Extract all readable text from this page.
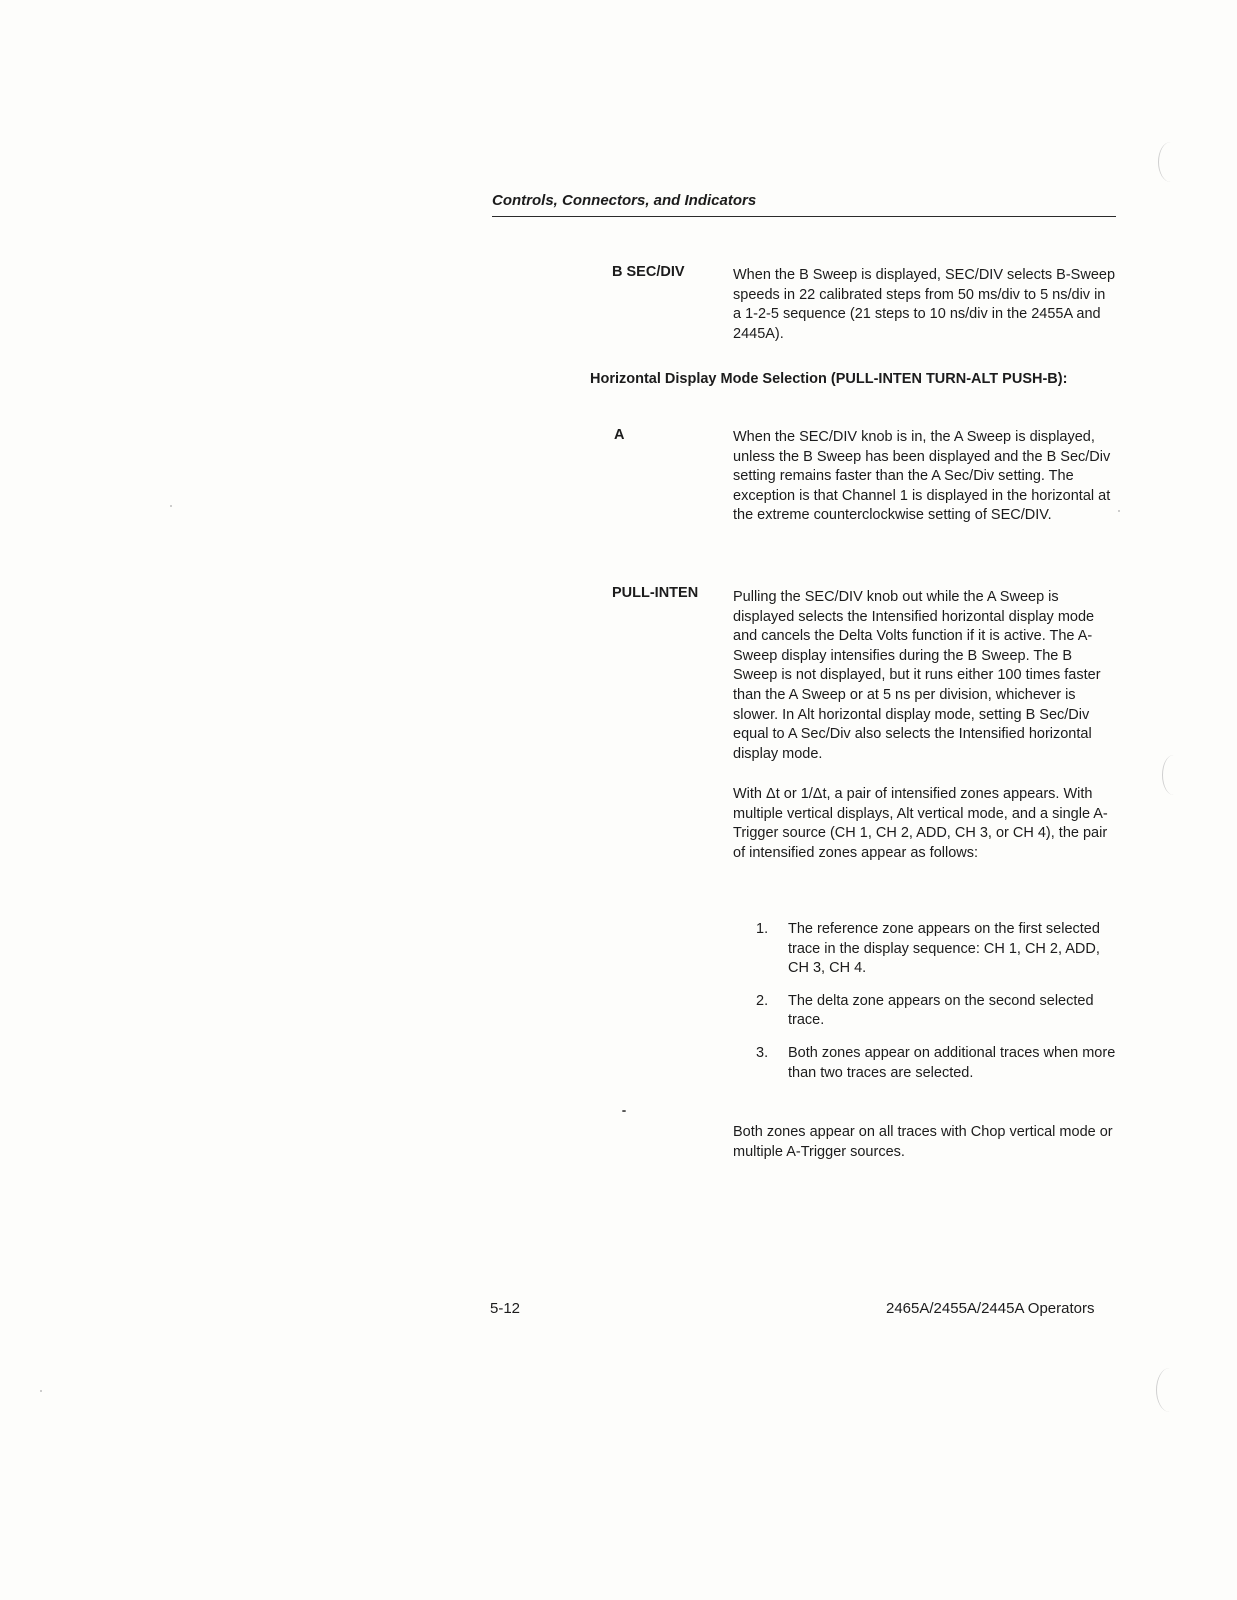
Controls, Connectors, and Indicators
B SEC/DIV	When the B Sweep is displayed, SEC/DIV selects B-Sweep speeds in 22 calibrated steps from 50 ms/div to 5 ns/div in a 1-2-5 sequence (21 steps to 10 ns/div in the 2455A and 2445A).
Horizontal Display Mode Selection (PULL-INTEN TURN-ALT PUSH-B):
A	When the SEC/DIV knob is in, the A Sweep is displayed, unless the B Sweep has been displayed and the B Sec/Div setting remains faster than the A Sec/Div setting. The exception is that Channel 1 is displayed in the horizontal at the extreme counterclockwise setting of SEC/DIV.
PULL-INTEN Pulling the SEC/DIV knob out while the A Sweep is displayed selects the Intensified horizontal display mode and cancels the Delta Volts function if it is active. The A-Sweep display intensifies during the B Sweep. The B Sweep is not displayed, but it runs either 100 times faster than the A Sweep or at 5 ns per division, whichever is slower. In Alt horizontal display mode, setting B Sec/Div equal to A Sec/Div also selects the Intensified horizontal display mode.
With Δt or 1/Δt, a pair of intensified zones appears. With multiple vertical displays, Alt vertical mode, and a single A-Trigger source (CH 1, CH 2, ADD, CH 3, or CH 4), the pair of intensified zones appear as follows:
1. The reference zone appears on the first selected trace in the display sequence: CH 1, CH 2, ADD, CH 3, CH 4.
2. The delta zone appears on the second selected trace.
3. Both zones appear on additional traces when more than two traces are selected.
Both zones appear on all traces with Chop vertical mode or multiple A-Trigger sources.
5-12	2465A/2455A/2445A Operators
